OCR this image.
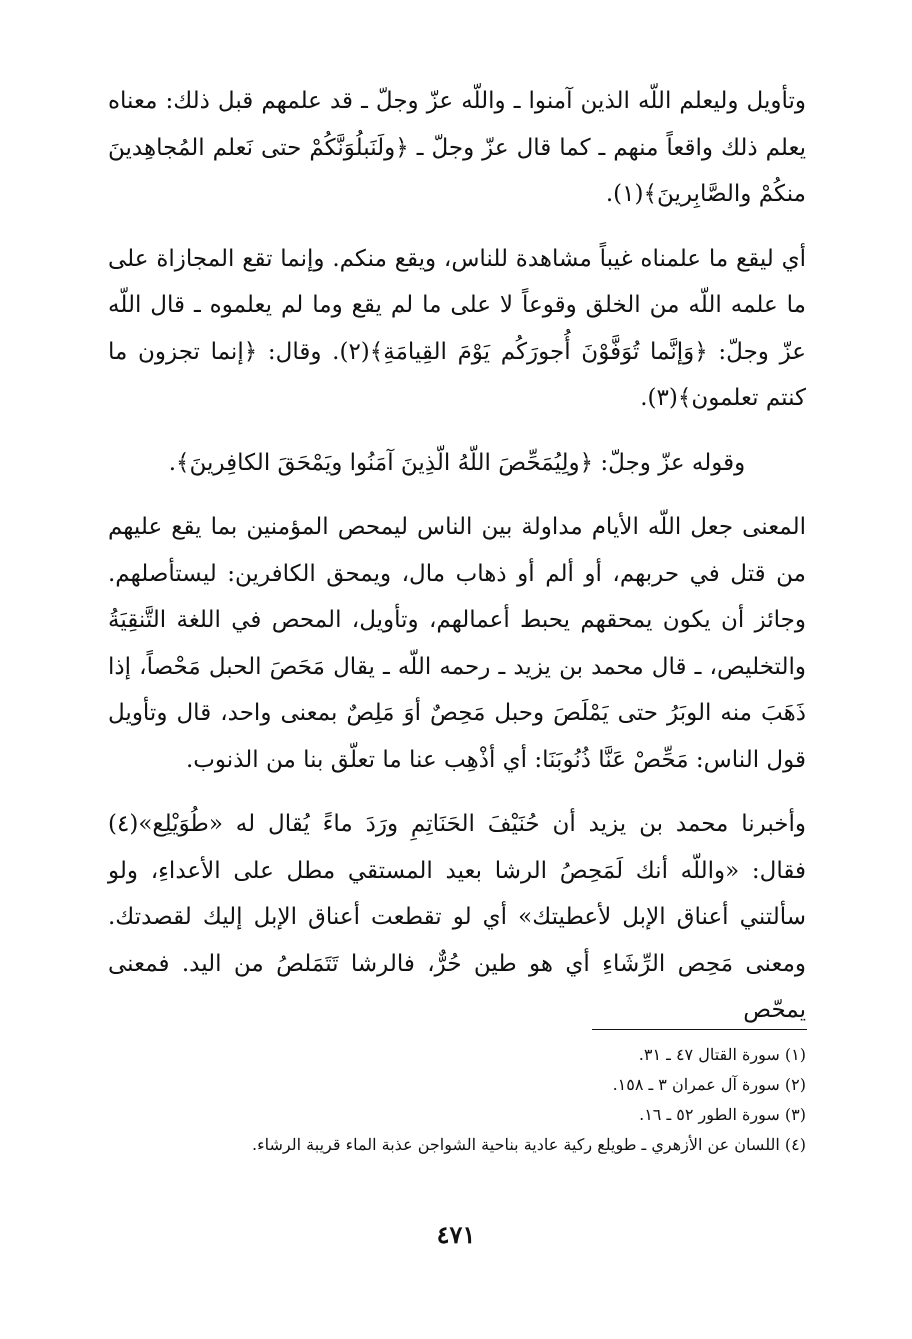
وتأويل وليعلم اللّه الذين آمنوا ـ واللّه عزّ وجلّ ـ قد علمهم قبل ذلك: معناه يعلم ذلك واقعاً منهم ـ كما قال عزّ وجلّ ـ ﴿ولَنَبلُوَنَّكُمْ حتى نَعلم المُجاهِدينَ منكُمْ والصَّابِرينَ﴾(١).

أي ليقع ما علمناه غيباً مشاهدة للناس، ويقع منكم. وإنما تقع المجازاة على ما علمه اللّه من الخلق وقوعاً لا على ما لم يقع وما لم يعلموه ـ قال اللّه عزّ وجلّ: ﴿وَإنَّما تُوَفَّوْنَ أُجورَكُم يَوْمَ القِيامَةِ﴾(٢). وقال: ﴿إنما تجزون ما كنتم تعلمون﴾(٣).

وقوله عزّ وجلّ: ﴿ولِيُمَحِّصَ اللّهُ الّذِينَ آمَنُوا ويَمْحَقَ الكافِرينَ﴾.

المعنى جعل اللّه الأيام مداولة بين الناس ليمحص المؤمنين بما يقع عليهم من قتل في حربهم، أو ألم أو ذهاب مال، ويمحق الكافرين: ليستأصلهم. وجائز أن يكون يمحقهم يحبط أعمالهم، وتأويل، المحص في اللغة التَّنقِيَةُ والتخليص، ـ قال محمد بن يزيد ـ رحمه اللّه ـ يقال مَحَصَ الحبل مَحْصاً، إذا ذَهَبَ منه الوبَرُ حتى يَمْلَصَ وحبل مَحِصٌ أوَ مَلِصٌ بمعنى واحد، قال وتأويل قول الناس: مَحِّصْ عَنَّا ذُنُوبَنَا: أي أذْهِب عنا ما تعلّق بنا من الذنوب.

وأخبرنا محمد بن يزيد أن حُنَيْفَ الحَنَاتِمِ ورَدَ ماءً يُقال له «طُوَيْلِع»(٤) فقال: «واللّه أنك لَمَحِصُ الرشا بعيد المستقي مطل على الأعداءِ، ولو سألتني أعناق الإبل لأعطيتك» أي لو تقطعت أعناق الإبل إليك لقصدتك. ومعنى مَحِص الرِّشَاءِ أي هو طين حُرٌّ، فالرشا تَتَمَلصُ من اليد. فمعنى يمحّص

(١) سورة القتال ٤٧ ـ ٣١.

(٢) سورة آل عمران ٣ ـ ١٥٨.

(٣) سورة الطور ٥٢ ـ ١٦.

(٤) اللسان عن الأزهري ـ طويلع ركية عادية بناحية الشواجن عذبة الماء قريبة الرشاء.

٤٧١
